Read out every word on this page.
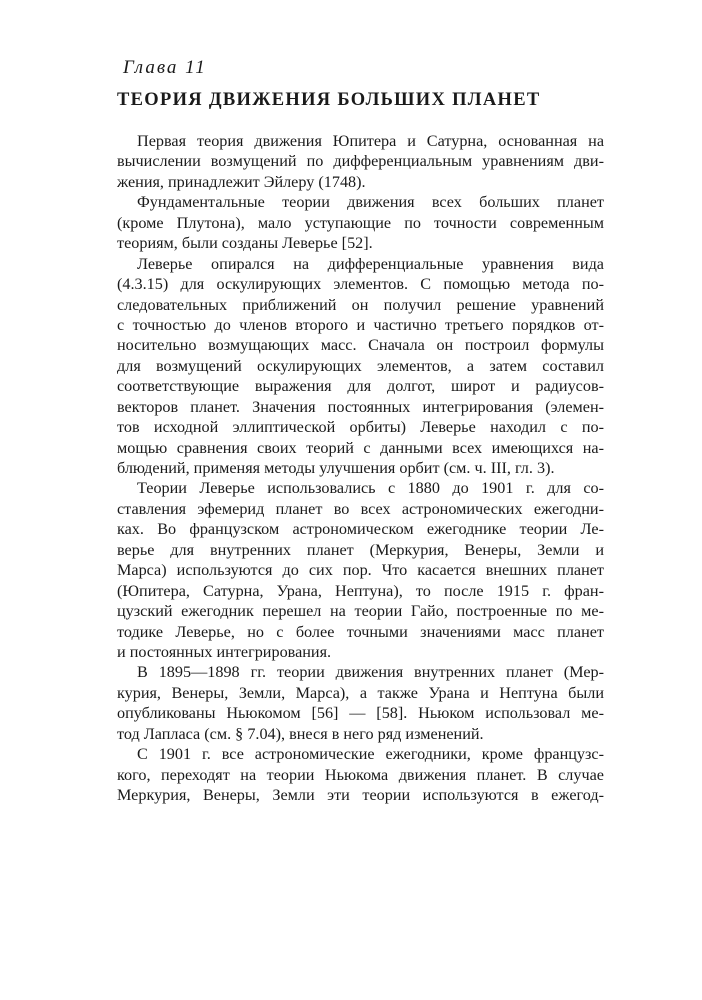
Глава 11
ТЕОРИЯ ДВИЖЕНИЯ БОЛЬШИХ ПЛАНЕТ
Первая теория движения Юпитера и Сатурна, основанная на
вычислении возмущений по дифференциальным уравнениям дви-
жения, принадлежит Эйлеру (1748).
Фундаментальные теории движения всех больших планет
(кроме Плутона), мало уступающие по точности современным
теориям, были созданы Леверье [52].
Леверье опирался на дифференциальные уравнения вида
(4.3.15) для оскулирующих элементов. С помощью метода по-
следовательных приближений он получил решение уравнений
с точностью до членов второго и частично третьего порядков от-
носительно возмущающих масс. Сначала он построил формулы
для возмущений оскулирующих элементов, а затем составил
соответствующие выражения для долгот, широт и радиусов-
векторов планет. Значения постоянных интегрирования (элемен-
тов исходной эллиптической орбиты) Леверье находил с по-
мощью сравнения своих теорий с данными всех имеющихся на-
блюдений, применяя методы улучшения орбит (см. ч. III, гл. 3).
Теории Леверье использовались с 1880 до 1901 г. для со-
ставления эфемерид планет во всех астрономических ежегодни-
ках. Во французском астрономическом ежегоднике теории Ле-
верье для внутренних планет (Меркурия, Венеры, Земли и
Марса) используются до сих пор. Что касается внешних планет
(Юпитера, Сатурна, Урана, Нептуна), то после 1915 г. фран-
цузский ежегодник перешел на теории Гайо, построенные по ме-
тодике Леверье, но с более точными значениями масс планет
и постоянных интегрирования.
В 1895—1898 гг. теории движения внутренних планет (Мер-
курия, Венеры, Земли, Марса), а также Урана и Нептуна были
опубликованы Ньюкомом [56] — [58]. Ньюком использовал ме-
тод Лапласа (см. § 7.04), внеся в него ряд изменений.
С 1901 г. все астрономические ежегодники, кроме французс-
кого, переходят на теории Ньюкома движения планет. В случае
Меркурия, Венеры, Земли эти теории используются в ежегод-
